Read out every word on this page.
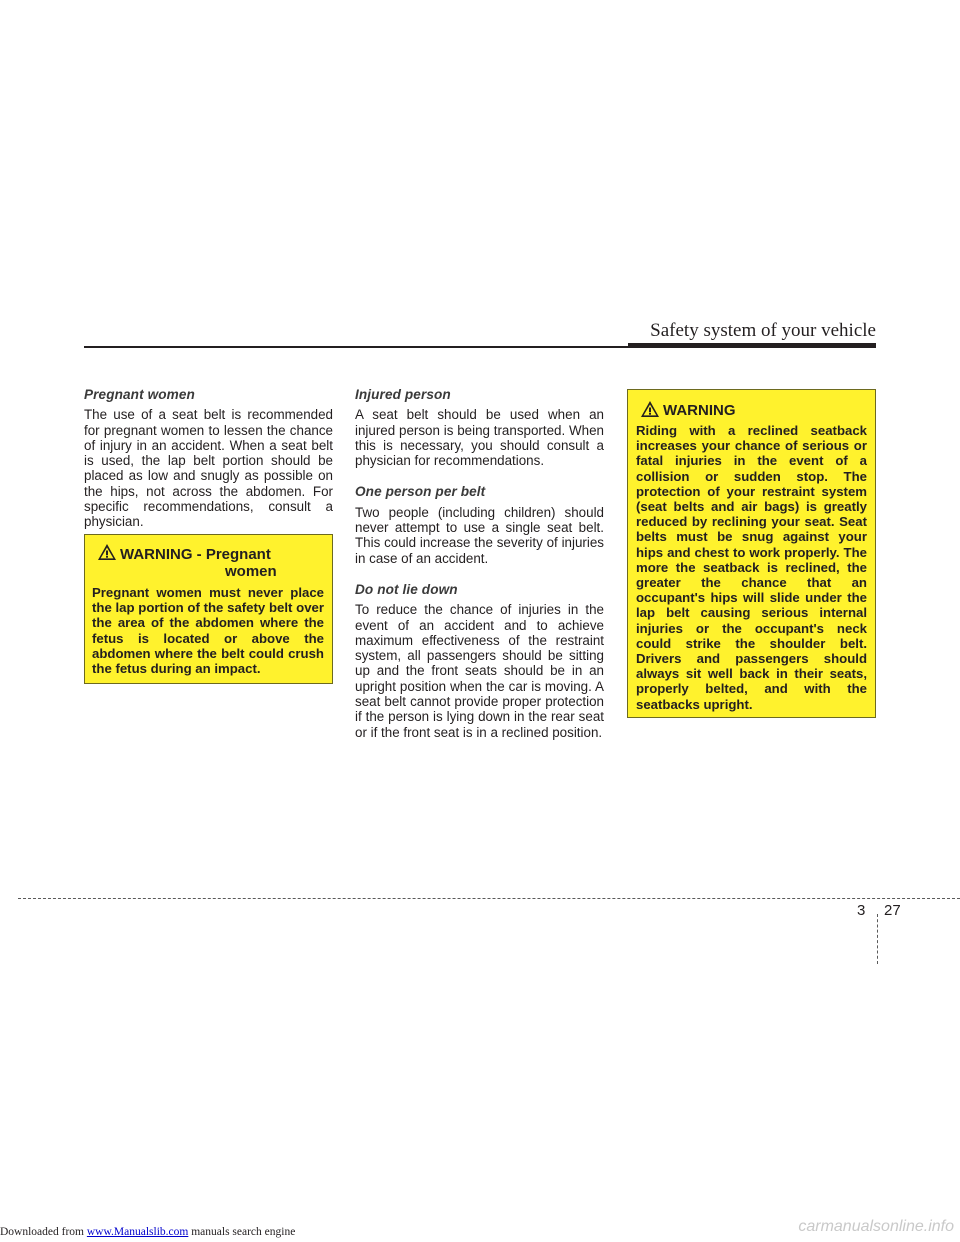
Safety system of your vehicle
Pregnant women

The use of a seat belt is recommended for pregnant women to lessen the chance of injury in an accident. When a seat belt is used, the lap belt portion should be placed as low and snugly as possible on the hips, not across the abdomen. For specific recommendations, consult a physician.

WARNING - Pregnant
women
Pregnant women must never place the lap portion of the safety belt over the area of the abdomen where the fetus is located or above the abdomen where the belt could crush the fetus during an impact.
Injured person

A seat belt should be used when an injured person is being transported. When this is necessary, you should consult a physician for recommendations.

One person per belt

Two people (including children) should never attempt to use a single seat belt. This could increase the severity of injuries in case of an accident.

Do not lie down

To reduce the chance of injuries in the event of an accident and to achieve maximum effectiveness of the restraint system, all passengers should be sitting up and the front seats should be in an upright position when the car is moving. A seat belt cannot provide proper protection if the person is lying down in the rear seat or if the front seat is in a reclined position.

WARNING
Riding with a reclined seatback increases your chance of serious or fatal injuries in the event of a collision or sudden stop. The protection of your restraint system (seat belts and air bags) is greatly reduced by reclining your seat. Seat belts must be snug against your hips and chest to work properly. The more the seatback is reclined, the greater the chance that an occupant's hips will slide under the lap belt causing serious internal injuries or the occupant's neck could strike the shoulder belt. Drivers and passengers should always sit well back in their seats, properly belted, and with the seatbacks upright.
3 27
Downloaded from www.Manualslib.com manuals search engine	carmanualsonline.info
